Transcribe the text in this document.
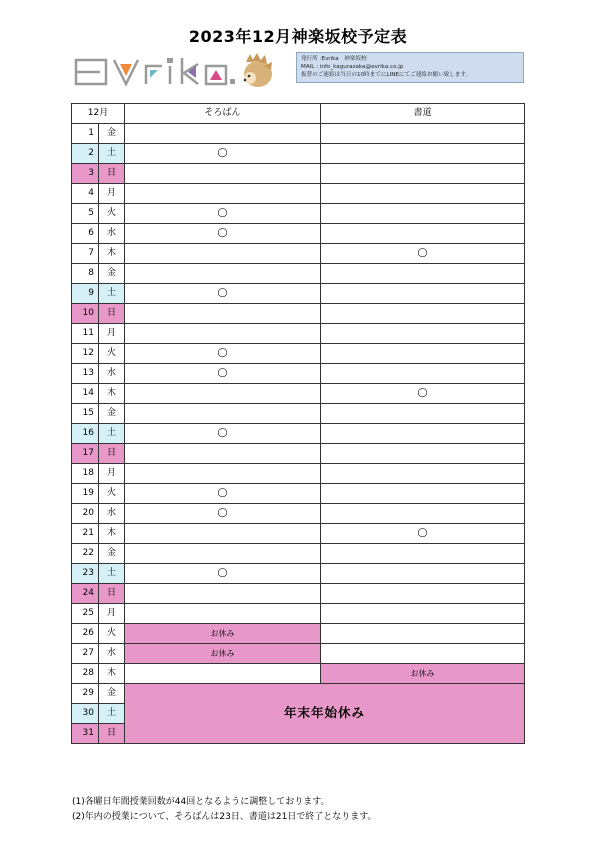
2023年12月神楽坂校予定表
発行所 :Evrika　神楽坂校
MAIL : info_kagurazaka@evrika.co.jp
振替のご連絡は当日の10時までにLINEにてご連絡お願い致します。
12月		そろばん	書道
1	金		
2	土	◯	
3	日		
4	月		
5	火	◯	
6	水	◯	
7	木		◯
8	金		
9	土	◯	
10	日		
11	月		
12	火	◯	
13	水	◯	
14	木		◯
15	金		
16	土	◯	
17	日		
18	月		
19	火	◯	
20	水	◯	
21	木		◯
22	金		
23	土	◯	
24	日		
25	月		
26	火	お休み	
27	水	お休み	
28	木		お休み
29	金	年末年始休み	
30	土		
31	日		
(1)各曜日年間授業回数が44回となるように調整しております。
(2)年内の授業について、そろばんは23日、書道は21日で終了となります。
